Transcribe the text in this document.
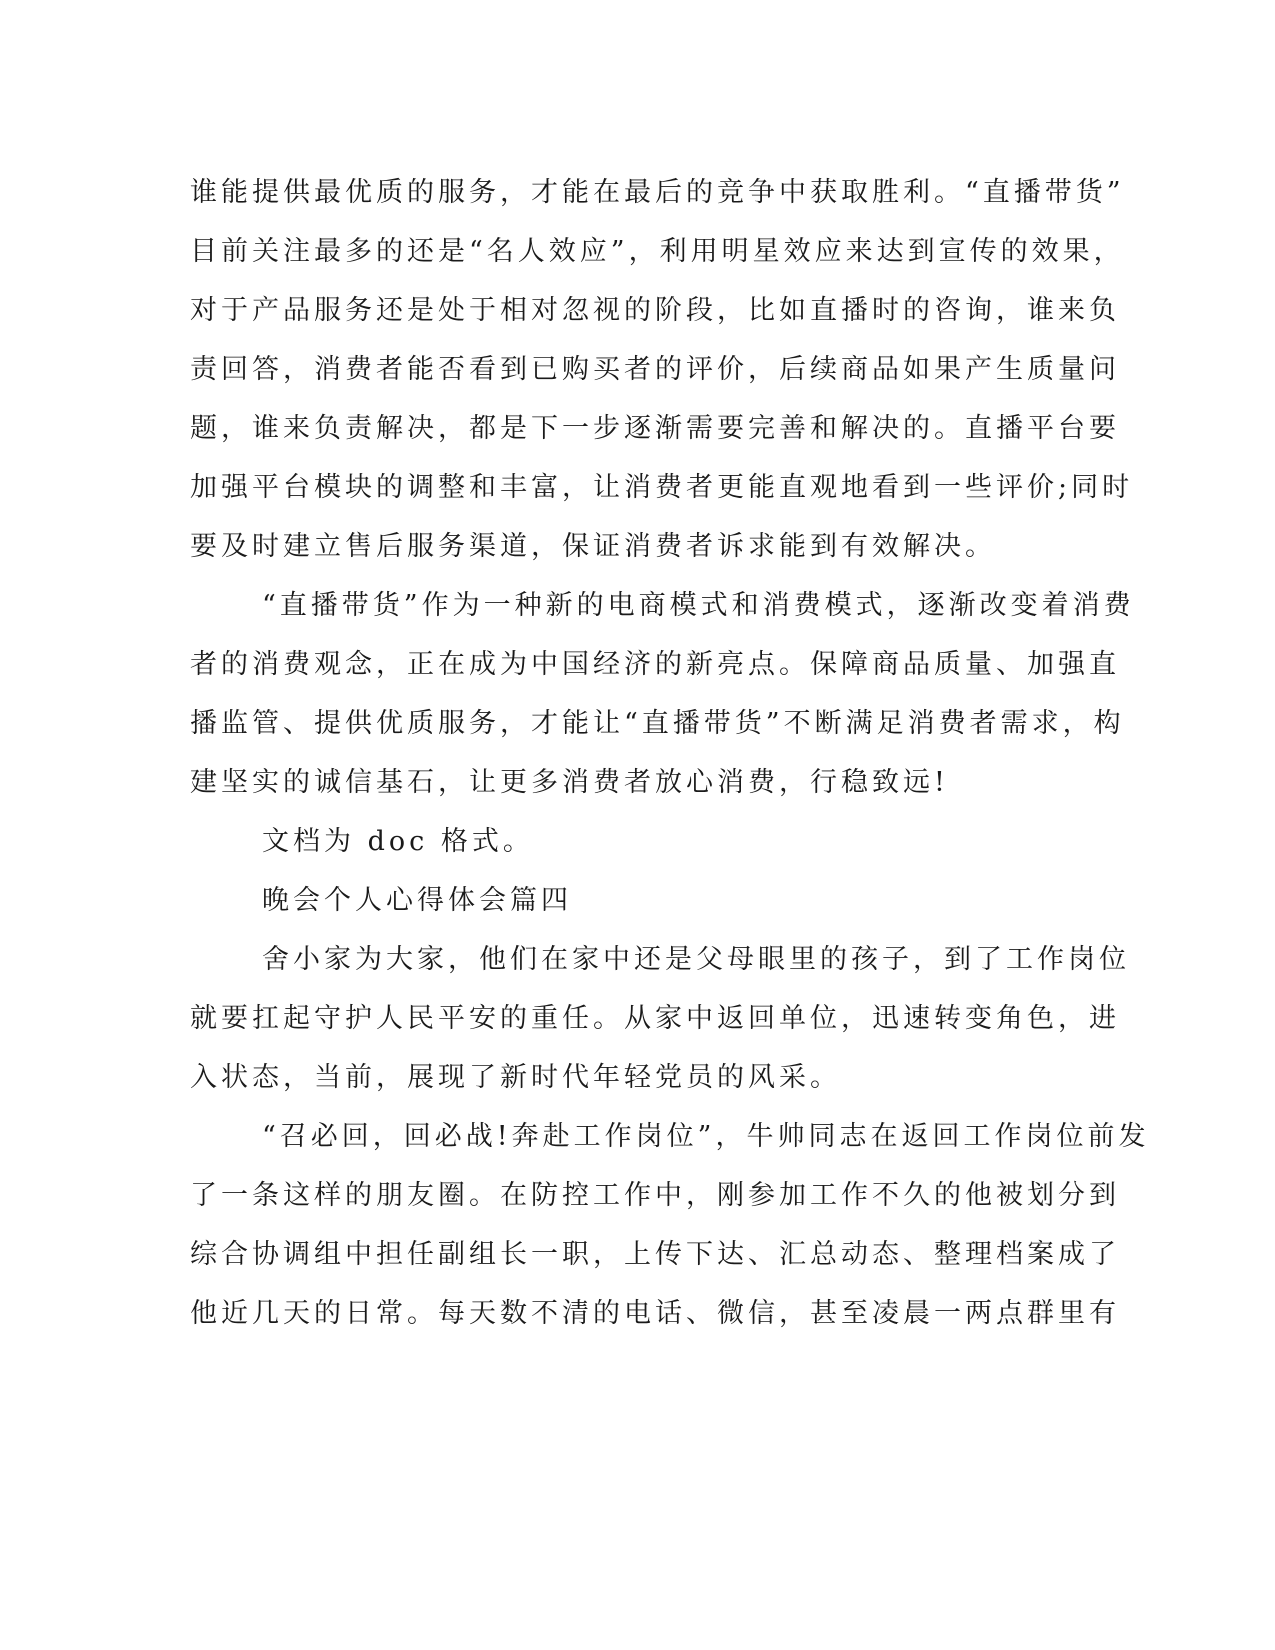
谁能提供最优质的服务，才能在最后的竞争中获取胜利。“直播带货”
目前关注最多的还是“名人效应”，利用明星效应来达到宣传的效果，
对于产品服务还是处于相对忽视的阶段，比如直播时的咨询，谁来负
责回答，消费者能否看到已购买者的评价，后续商品如果产生质量问
题，谁来负责解决，都是下一步逐渐需要完善和解决的。直播平台要
加强平台模块的调整和丰富，让消费者更能直观地看到一些评价;同时
要及时建立售后服务渠道，保证消费者诉求能到有效解决。
“直播带货”作为一种新的电商模式和消费模式，逐渐改变着消费
者的消费观念，正在成为中国经济的新亮点。保障商品质量、加强直
播监管、提供优质服务，才能让“直播带货”不断满足消费者需求，构
建坚实的诚信基石，让更多消费者放心消费，行稳致远!
文档为 doc 格式。
晚会个人心得体会篇四
舍小家为大家，他们在家中还是父母眼里的孩子，到了工作岗位
就要扛起守护人民平安的重任。从家中返回单位，迅速转变角色，进
入状态，当前，展现了新时代年轻党员的风采。
“召必回，回必战!奔赴工作岗位”，牛帅同志在返回工作岗位前发
了一条这样的朋友圈。在防控工作中，刚参加工作不久的他被划分到
综合协调组中担任副组长一职，上传下达、汇总动态、整理档案成了
他近几天的日常。每天数不清的电话、微信，甚至凌晨一两点群里有
